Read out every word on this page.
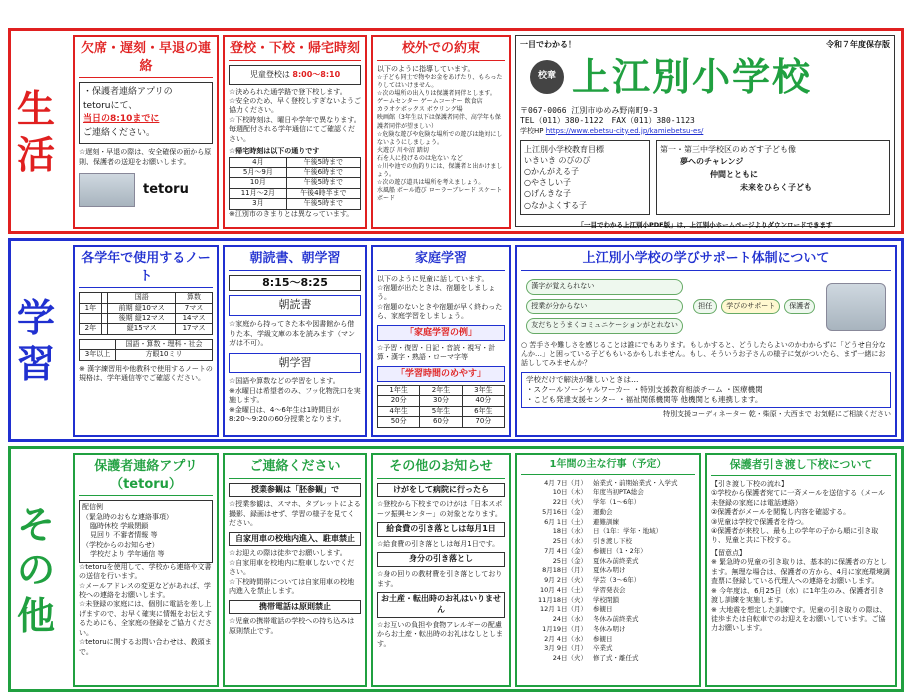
生活
欠席・遅刻・早退の連絡
・保護者連絡アプリの
tetoruにて、
当日の8:10までに
ご連絡ください。
☆遅刻・早退の際は、安全確保の面から原則、保護者の送迎をお願いします。
tetoru
登校・下校・帰宅時刻
児童登校は 8:00〜8:10
☆決められた通学路で登下校します。
☆安全のため、早く登校しすぎないようご協力ください。
☆下校時刻は、曜日や学年で異なります。毎週配付される学年通信にてご確認ください。
☆帰宅時刻は以下の通りです
4月	午後5時まで
5月〜9月	午後6時まで
10月	午後5時まで
11月〜2月	午後4時半まで
3月	午後5時まで
※江別市のきまりとは異なっています。
校外での約束
以下のように指導しています。
☆子ども同士で物やお金をあげたり、もらったりしてはいけません。
☆次の場所の出入りは保護者同伴とします。
ゲームセンター ゲームコーナー 飲食店
カラオケボックス ボウリング場
映画館（3年生以下は保護者同伴、高学年も保護者同伴が望ましい）
☆危険な遊びや危険な場所での遊びは絶対にしないようにしましょう。
火遊び 川や沼 踏切
石を人に投げるのは危ない など
☆川や池での魚釣りには、保護者と出かけましょう。
☆次の遊び道具は場所を考えましょう。
水風船 ボール遊び ローラーブレード スケートボード
一目でわかる！	令和７年度保存版
校章 上江別小学校
〒067-0066 江別市ゆめみ野南町9-3
TEL（011）380-1122　 FAX（011）380-1123
学校HP https://www.ebetsu-city.ed.jp/kamiebetsu-es/
上江別小学校教育目標
いきいき のびのび
○かんがえる子
○やさしい子
○げんきな子
○なかよくする子
第一・第三中学校区のめざす子ども像
夢へのチャレンジ
仲間とともに
未来をひらく子ども
「一目でわかる上江別小PDF版」は、上江別小ホームページよりダウンロードできます
学習
各学年で使用するノート
		国語	算数
1年		前期 縦10マス	7マス
		後期 縦12マス	14マス
2年		縦15マス	17マス
	国語・算数・理科・社会
3年以上	方眼10ミリ
※ 漢字練習用や他教科で使用するノートの規格は、学年通信等でご確認ください。
朝読書、朝学習
8:15〜8:25
朝読書
☆家庭から持ってきた本や図書館から借りた本、学級文庫の本を読みます（マンガは不可）。
朝学習
☆国語や算数などの学習をします。
※水曜日は希望者のみ、フッ化物洗口を実施します。
※金曜日は、4〜6年生は1時間目が8:20〜9:20の60分授業となります。
家庭学習
以下のように児童に話しています。
☆宿題が出たときは、宿題をしましょう。
☆宿題のないときや宿題が早く終わったら、家庭学習をしましょう。
「家庭学習の例」
☆予習・復習・日記・音読・視写・計算・漢字・熟語・ローマ字等
「学習時間のめやす」
1年生	2年生	3年生
20分	30分	40分
4年生	5年生	6年生
50分	60分	70分
上江別小学校の学びサポート体制について
漢字が覚えられない
授業が分からない
友だちとうまくコミュニケーションがとれない
担任	学びのサポート	保護者
○ 苦手さや難しさを感じることは誰にでもあります。もしかすると、どうしたらよいのかわからずに「どうせ自分なんか…」と困っている子どももいるかもしれません。もし、そういうお子さんの様子に気がついたら、まず一緒にお話ししてみませんか？
学校だけで解決が難しいときは…
・スクールソーシャルワーカー ・特別支援教育相談チーム ・医療機関
・こども発達支援センター ・福祉関係機関等 他機関とも連携します。
特別支援コーディネーター 乾・柴原・大西まで お気軽にご相談ください
その他
保護者連絡アプリ（tetoru）
配信例
（緊急時のおもな連絡事項）
臨時休校 学級閉鎖
見回り 不審者情報 等
（学校からのお知らせ）
学校だより 学年通信 等
☆tetoruを使用して、学校から連絡や文書の送信を行います。
☆メールアドレスの変更などがあれば、学校への連絡をお願いします。
☆未登録の家庭には、個別に電話を差し上げますので、お早く確実に情報をお伝えするためにも、全家庭の登録をご協力ください。
☆tetoruに関するお問い合わせは、教頭まで。
ご連絡ください
授業参観は「胚参観」で
☆授業参観は、スマホ、タブレットによる撮影、録画はせず、学習の様子を見てください。
自家用車の校地内進入、駐車禁止
☆お迎えの際は徒歩でお願いします。
☆自家用車を校地内に駐車しないでください。
☆下校時間帯については自家用車の校地内進入を禁止します。
携帯電話は原則禁止
☆児童の携帯電話の学校への持ち込みは原則禁止です。
その他のお知らせ
けがをして病院に行ったら
☆登校から下校までのけがは「日本スポーツ振興センター」の対象となります。
給食費の引き落としは毎月1日
☆給食費の引き落としは毎月1日です。
身分の引き落とし
☆身の回りの教材費を引き落としております。
お土産・転出時のお礼はいりません
☆お互いの負担や食物アレルギーの配慮からお土産・転出時のお礼はなしとします。
1年間の主な行事（予定）
4月 7日（月） 始業式・前期始業式・入学式
10日（木） 年度当初PTA総会
22日（火） 学年（1〜6年）
5月16日（金） 運動会
6月 1日（土） 避難訓練
18日（水） 日（1年：学年・地域）
25日（水） 引き渡し下校
7月 4日（金） 参観日（1・2年）
25日（金） 夏休み前終業式
8月18日（月） 夏休み明け
9月 2日（火） 学芸（3〜6年）
10月 4日（土） 学習発表会
11月18日（火） 学校閉鎖
12月 1日（月） 参観日
24日（水） 冬休み前終業式
1月19日（月） 冬休み明け
2月 4日（水） 参観日
3月 9日（月） 卒業式
24日（火） 修了式・離任式
保護者引き渡し下校について
【引き渡し下校の流れ】
①学校から保護者宛てに一斉メールを送信する（メール未登録の家庭には電話連絡）
②保護者がメールを閲覧し内容を確認する。
③児童は学校で保護者を待つ。
④保護者が来校し、最も上の学年の子から順に引き取り、児童と共に下校する。
【留意点】
※ 緊急時の児童の引き取りは、基本的に保護者の方とします。無理な場合は、保護者の方から、4月に家庭環境調査票に登録している代理人への連絡をお願いします。
※ 今年度は、6月25日（水）に1年生のみ、保護者引き渡し訓練を実施します。
※ 大地震を想定した訓練です。児童の引き取りの際は、徒歩または自転車でのお迎えをお願いしています。ご協力お願いします。
